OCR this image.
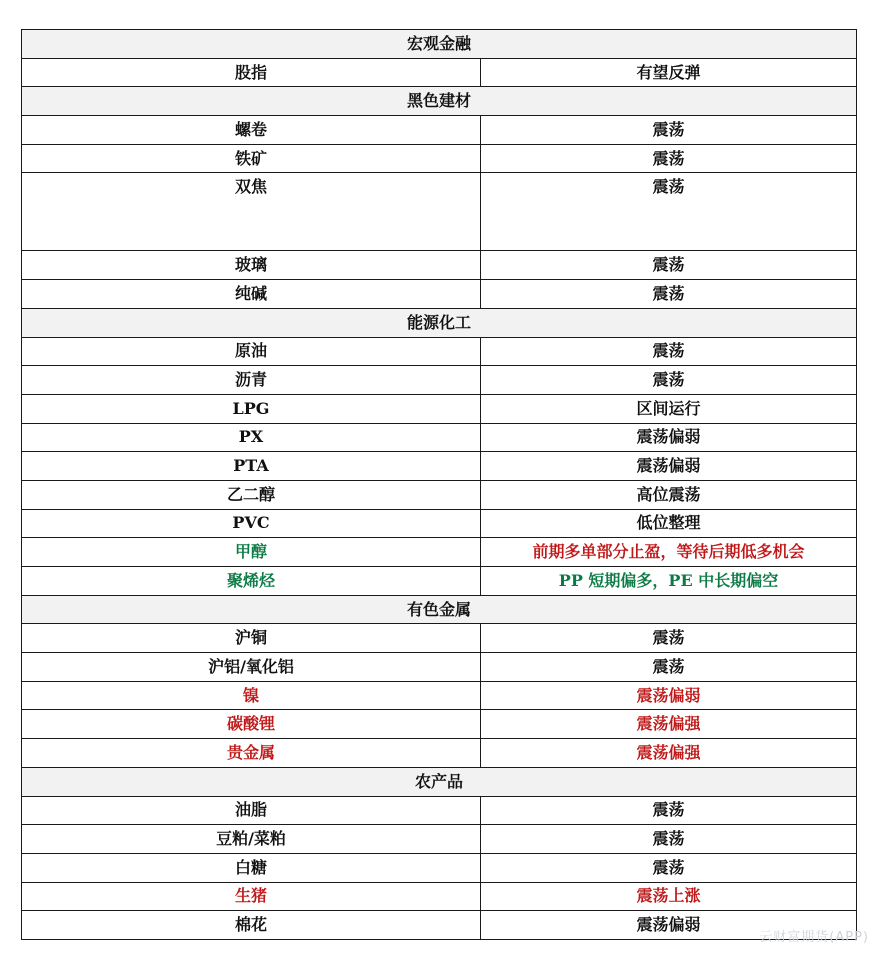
宏观金融	
股指	有望反弹
黑色建材	
螺卷	震荡
铁矿	震荡
双焦	震荡
玻璃	震荡
纯碱	震荡
能源化工	
原油	震荡
沥青	震荡
LPG	区间运行
PX	震荡偏弱
PTA	震荡偏弱
乙二醇	高位震荡
PVC	低位整理
甲醇	前期多单部分止盈，等待后期低多机会
聚烯烃	PP 短期偏多，PE 中长期偏空
有色金属	
沪铜	震荡
沪铝/氧化铝	震荡
镍	震荡偏弱
碳酸锂	震荡偏强
贵金属	震荡偏强
农产品	
油脂	震荡
豆粕/菜粕	震荡
白糖	震荡
生猪	震荡上涨
棉花	震荡偏弱
云财富期货(APP)
